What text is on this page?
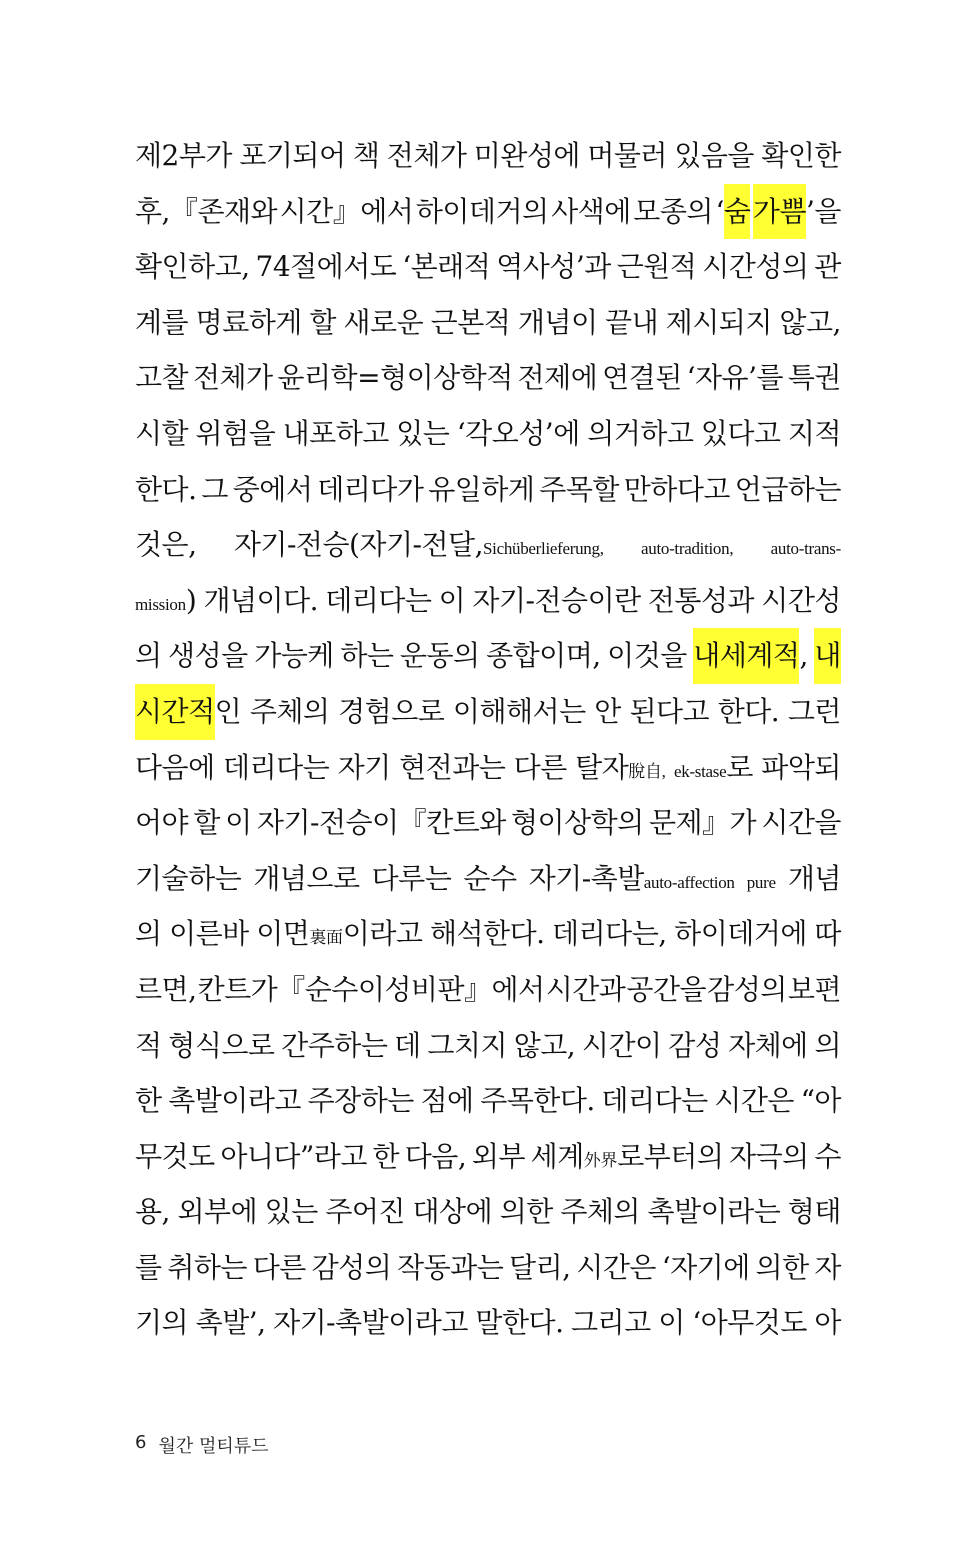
제2부가 포기되어 책 전체가 미완성에 머물러 있음을 확인한
후,『존재와 시간』에서 하이데거의 사색에 모종의 ‘숨 가쁨’을
확인하고, 74절에서도 ‘본래적 역사성’과 근원적 시간성의 관
계를 명료하게 할 새로운 근본적 개념이 끝내 제시되지 않고,
고찰 전체가 윤리학=형이상학적 전제에 연결된 ‘자유’를 특권
시할 위험을 내포하고 있는 ‘각오성’에 의거하고 있다고 지적
한다. 그 중에서 데리다가 유일하게 주목할 만하다고 언급하는
것은, 자기-전승(자기-전달,Sichüberlieferung, auto-tradition, auto-trans-
mission) 개념이다. 데리다는 이 자기-전승이란 전통성과 시간성
의 생성을 가능케 하는 운동의 종합이며, 이것을 내세계적, 내
시간적인 주체의 경험으로 이해해서는 안 된다고 한다. 그런
다음에 데리다는 자기 현전과는 다른 탈자脫自, ek-stase로 파악되
어야 할 이 자기-전승이『칸트와 형이상학의 문제』가 시간을
기술하는 개념으로 다루는 순수 자기-촉발auto-affection pure 개념
의 이른바 이면裏面이라고 해석한다. 데리다는, 하이데거에 따
르면, 칸트가『순수이성비판』에서 시간과 공간을 감성의 보편
적 형식으로 간주하는 데 그치지 않고, 시간이 감성 자체에 의
한 촉발이라고 주장하는 점에 주목한다. 데리다는 시간은 “아
무것도 아니다”라고 한 다음, 외부 세계外界로부터의 자극의 수
용, 외부에 있는 주어진 대상에 의한 주체의 촉발이라는 형태
를 취하는 다른 감성의 작동과는 달리, 시간은 ‘자기에 의한 자
기의 촉발’, 자기-촉발이라고 말한다. 그리고 이 ‘아무것도 아
6 월간 멀티튜드
